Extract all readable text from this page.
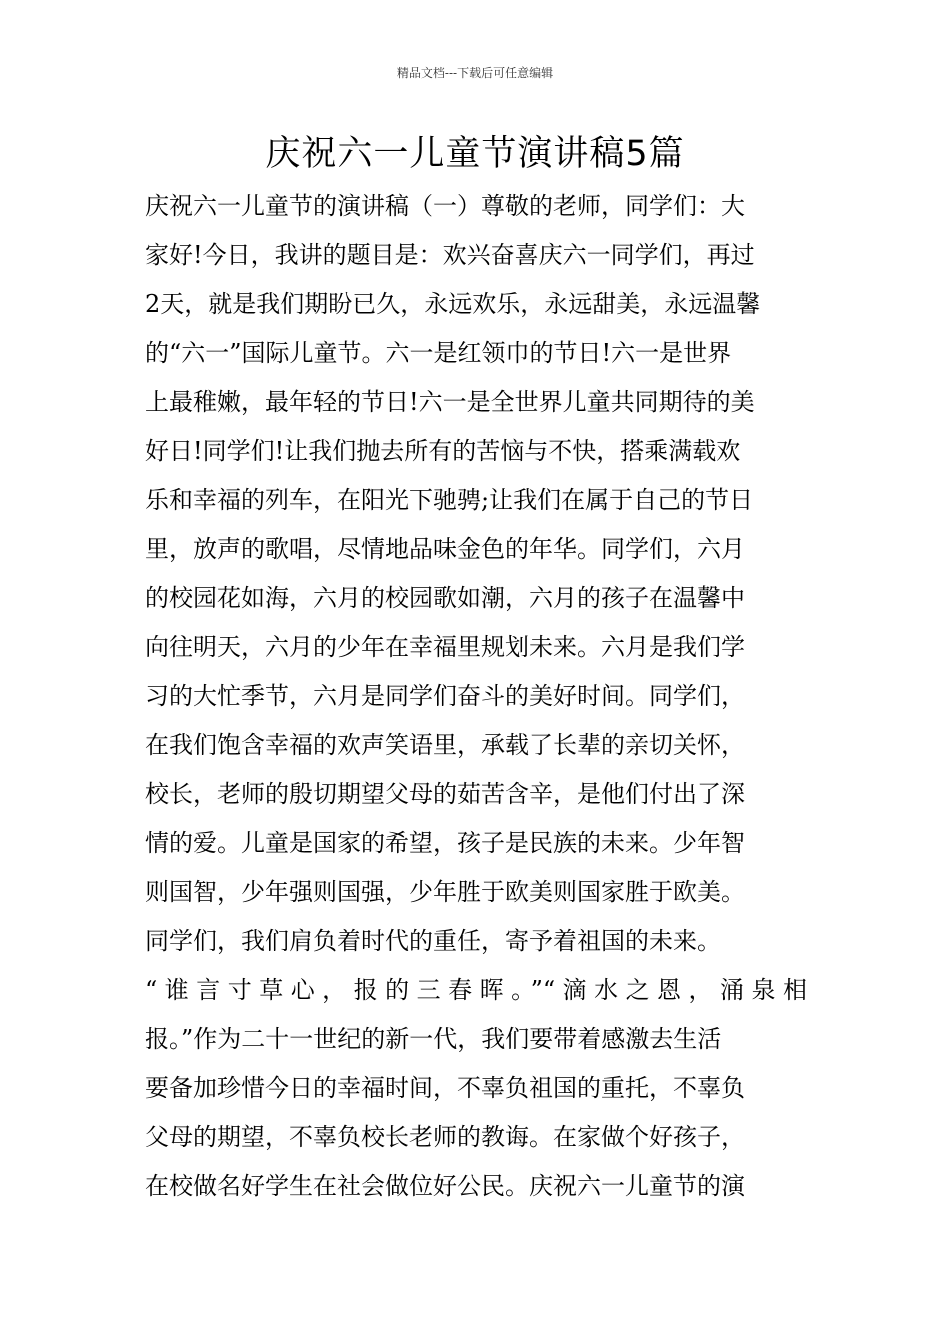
精品文档---下载后可任意编辑
庆祝六一儿童节演讲稿5篇
庆祝六一儿童节的演讲稿（一）尊敬的老师，同学们：大
家好!今日，我讲的题目是：欢兴奋喜庆六一同学们，再过
2天，就是我们期盼已久，永远欢乐，永远甜美，永远温馨
的“六一”国际儿童节。六一是红领巾的节日!六一是世界
上最稚嫩，最年轻的节日!六一是全世界儿童共同期待的美
好日!同学们!让我们抛去所有的苦恼与不快，搭乘满载欢
乐和幸福的列车，在阳光下驰骋;让我们在属于自己的节日
里，放声的歌唱，尽情地品味金色的年华。同学们，六月
的校园花如海，六月的校园歌如潮，六月的孩子在温馨中
向往明天，六月的少年在幸福里规划未来。六月是我们学
习的大忙季节，六月是同学们奋斗的美好时间。同学们，
在我们饱含幸福的欢声笑语里，承载了长辈的亲切关怀，
校长，老师的殷切期望父母的茹苦含辛，是他们付出了深
情的爱。儿童是国家的希望，孩子是民族的未来。少年智
则国智，少年强则国强，少年胜于欧美则国家胜于欧美。
同学们，我们肩负着时代的重任，寄予着祖国的未来。
“谁言寸草心，报的三春晖。”“滴水之恩，涌泉相
报。”作为二十一世纪的新一代，我们要带着感激去生活
要备加珍惜今日的幸福时间，不辜负祖国的重托，不辜负
父母的期望，不辜负校长老师的教诲。在家做个好孩子，
在校做名好学生在社会做位好公民。庆祝六一儿童节的演
